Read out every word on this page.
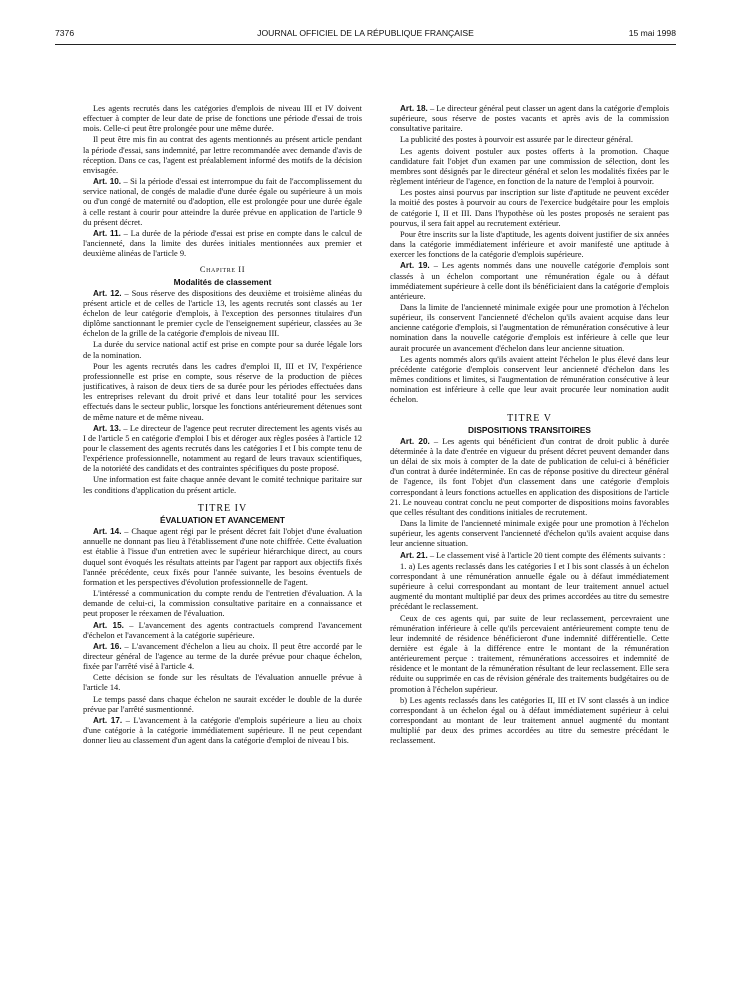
7376	JOURNAL OFFICIEL DE LA RÉPUBLIQUE FRANÇAISE	15 mai 1998

Les agents recrutés dans les catégories d'emplois de niveau III et IV doivent effectuer à compter de leur date de prise de fonctions une période d'essai de trois mois. Celle-ci peut être prolongée pour une même durée.

Il peut être mis fin au contrat des agents mentionnés au présent article pendant la période d'essai, sans indemnité, par lettre recommandée avec demande d'avis de réception. Dans ce cas, l'agent est préalablement informé des motifs de la décision envisagée.

Art. 10. – Si la période d'essai est interrompue du fait de l'accomplissement du service national, de congés de maladie d'une durée égale ou supérieure à un mois ou d'un congé de maternité ou d'adoption, elle est prolongée pour une durée égale à celle restant à courir pour atteindre la durée prévue en application de l'article 9 du présent décret.

Art. 11. – La durée de la période d'essai est prise en compte dans le calcul de l'ancienneté, dans la limite des durées initiales mentionnées aux premier et deuxième alinéas de l'article 9.

Chapitre II

Modalités de classement

Art. 12. – Sous réserve des dispositions des deuxième et troisième alinéas du présent article et de celles de l'article 13, les agents recrutés sont classés au 1er échelon de leur catégorie d'emplois, à l'exception des personnes titulaires d'un diplôme sanctionnant le premier cycle de l'enseignement supérieur, classées au 3e échelon de la grille de la catégorie d'emplois de niveau III.

La durée du service national actif est prise en compte pour sa durée légale lors de la nomination.

Pour les agents recrutés dans les cadres d'emploi II, III et IV, l'expérience professionnelle est prise en compte, sous réserve de la production de pièces justificatives, à raison de deux tiers de sa durée pour les périodes effectuées dans les entreprises relevant du droit privé et dans leur totalité pour les services effectués dans le secteur public, lorsque les fonctions antérieurement détenues sont de même nature et de même niveau.

Art. 13. – Le directeur de l'agence peut recruter directement les agents visés au I de l'article 5 en catégorie d'emploi I bis et déroger aux règles posées à l'article 12 pour le classement des agents recrutés dans les catégories I et I bis compte tenu de l'expérience professionnelle, notamment au regard de leurs travaux scientifiques, de la notoriété des candidats et des contraintes spécifiques du poste proposé.

Une information est faite chaque année devant le comité technique paritaire sur les conditions d'application du présent article.

TITRE IV

ÉVALUATION ET AVANCEMENT

Art. 14. – Chaque agent régi par le présent décret fait l'objet d'une évaluation annuelle ne donnant pas lieu à l'établissement d'une note chiffrée. Cette évaluation est établie à l'issue d'un entretien avec le supérieur hiérarchique direct, au cours duquel sont évoqués les résultats atteints par l'agent par rapport aux objectifs fixés l'année précédente, ceux fixés pour l'année suivante, les besoins éventuels de formation et les perspectives d'évolution professionnelle de l'agent.

L'intéressé a communication du compte rendu de l'entretien d'évaluation. A la demande de celui-ci, la commission consultative paritaire en a connaissance et peut proposer le réexamen de l'évaluation.

Art. 15. – L'avancement des agents contractuels comprend l'avancement d'échelon et l'avancement à la catégorie supérieure.

Art. 16. – L'avancement d'échelon a lieu au choix. Il peut être accordé par le directeur général de l'agence au terme de la durée prévue pour chaque échelon, fixée par l'arrêté visé à l'article 4.

Cette décision se fonde sur les résultats de l'évaluation annuelle prévue à l'article 14.

Le temps passé dans chaque échelon ne saurait excéder le double de la durée prévue par l'arrêté susmentionné.

Art. 17. – L'avancement à la catégorie d'emplois supérieure a lieu au choix d'une catégorie à la catégorie immédiatement supérieure. Il ne peut cependant donner lieu au classement d'un agent dans la catégorie d'emploi de niveau I bis.

Art. 18. – Le directeur général peut classer un agent dans la catégorie d'emplois supérieure, sous réserve de postes vacants et après avis de la commission consultative paritaire.

La publicité des postes à pourvoir est assurée par le directeur général.

Les agents doivent postuler aux postes offerts à la promotion. Chaque candidature fait l'objet d'un examen par une commission de sélection, dont les membres sont désignés par le directeur général et selon les modalités fixées par le règlement intérieur de l'agence, en fonction de la nature de l'emploi à pourvoir.

Les postes ainsi pourvus par inscription sur liste d'aptitude ne peuvent excéder la moitié des postes à pourvoir au cours de l'exercice budgétaire pour les emplois de catégorie I, II et III. Dans l'hypothèse où les postes proposés ne seraient pas pourvus, il sera fait appel au recrutement extérieur.

Pour être inscrits sur la liste d'aptitude, les agents doivent justifier de six années dans la catégorie immédiatement inférieure et avoir manifesté une aptitude à exercer les fonctions de la catégorie d'emplois supérieure.

Art. 19. – Les agents nommés dans une nouvelle catégorie d'emplois sont classés à un échelon comportant une rémunération égale ou à défaut immédiatement supérieure à celle dont ils bénéficiaient dans la catégorie d'emplois antérieure.

Dans la limite de l'ancienneté minimale exigée pour une promotion à l'échelon supérieur, ils conservent l'ancienneté d'échelon qu'ils avaient acquise dans leur ancienne catégorie d'emplois, si l'augmentation de rémunération consécutive à leur nomination dans la nouvelle catégorie d'emplois est inférieure à celle que leur aurait procurée un avancement d'échelon dans leur ancienne situation.

Les agents nommés alors qu'ils avaient atteint l'échelon le plus élevé dans leur précédente catégorie d'emplois conservent leur ancienneté d'échelon dans les mêmes conditions et limites, si l'augmentation de rémunération consécutive à leur nomination est inférieure à celle que leur avait procurée leur nomination audit échelon.

TITRE V

DISPOSITIONS TRANSITOIRES

Art. 20. – Les agents qui bénéficient d'un contrat de droit public à durée déterminée à la date d'entrée en vigueur du présent décret peuvent demander dans un délai de six mois à compter de la date de publication de celui-ci à bénéficier d'un contrat à durée indéterminée. En cas de réponse positive du directeur général de l'agence, ils font l'objet d'un classement dans une catégorie d'emplois correspondant à leurs fonctions actuelles en application des dispositions de l'article 21. Le nouveau contrat conclu ne peut comporter de dispositions moins favorables que celles résultant des conditions initiales de recrutement.

Dans la limite de l'ancienneté minimale exigée pour une promotion à l'échelon supérieur, les agents conservent l'ancienneté d'échelon qu'ils avaient acquise dans leur ancienne situation.

Art. 21. – Le classement visé à l'article 20 tient compte des éléments suivants :

1. a) Les agents reclassés dans les catégories I et I bis sont classés à un échelon correspondant à une rémunération annuelle égale ou à défaut immédiatement supérieure à celui correspondant au montant de leur traitement annuel actuel augmenté du montant multiplié par deux des primes accordées au titre du semestre précédant le reclassement.

Ceux de ces agents qui, par suite de leur reclassement, percevraient une rémunération inférieure à celle qu'ils percevaient antérieurement compte tenu de leur indemnité de résidence bénéficieront d'une indemnité différentielle. Cette dernière est égale à la différence entre le montant de la rémunération antérieurement perçue : traitement, rémunérations accessoires et indemnité de résidence et le montant de la rémunération résultant de leur reclassement. Elle sera réduite ou supprimée en cas de révision générale des traitements budgétaires ou de promotion à l'échelon supérieur.

b) Les agents reclassés dans les catégories II, III et IV sont classés à un indice correspondant à un échelon égal ou à défaut immédiatement supérieur à celui correspondant au montant de leur traitement annuel augmenté du montant multiplié par deux des primes accordées au titre du semestre précédant le reclassement.
